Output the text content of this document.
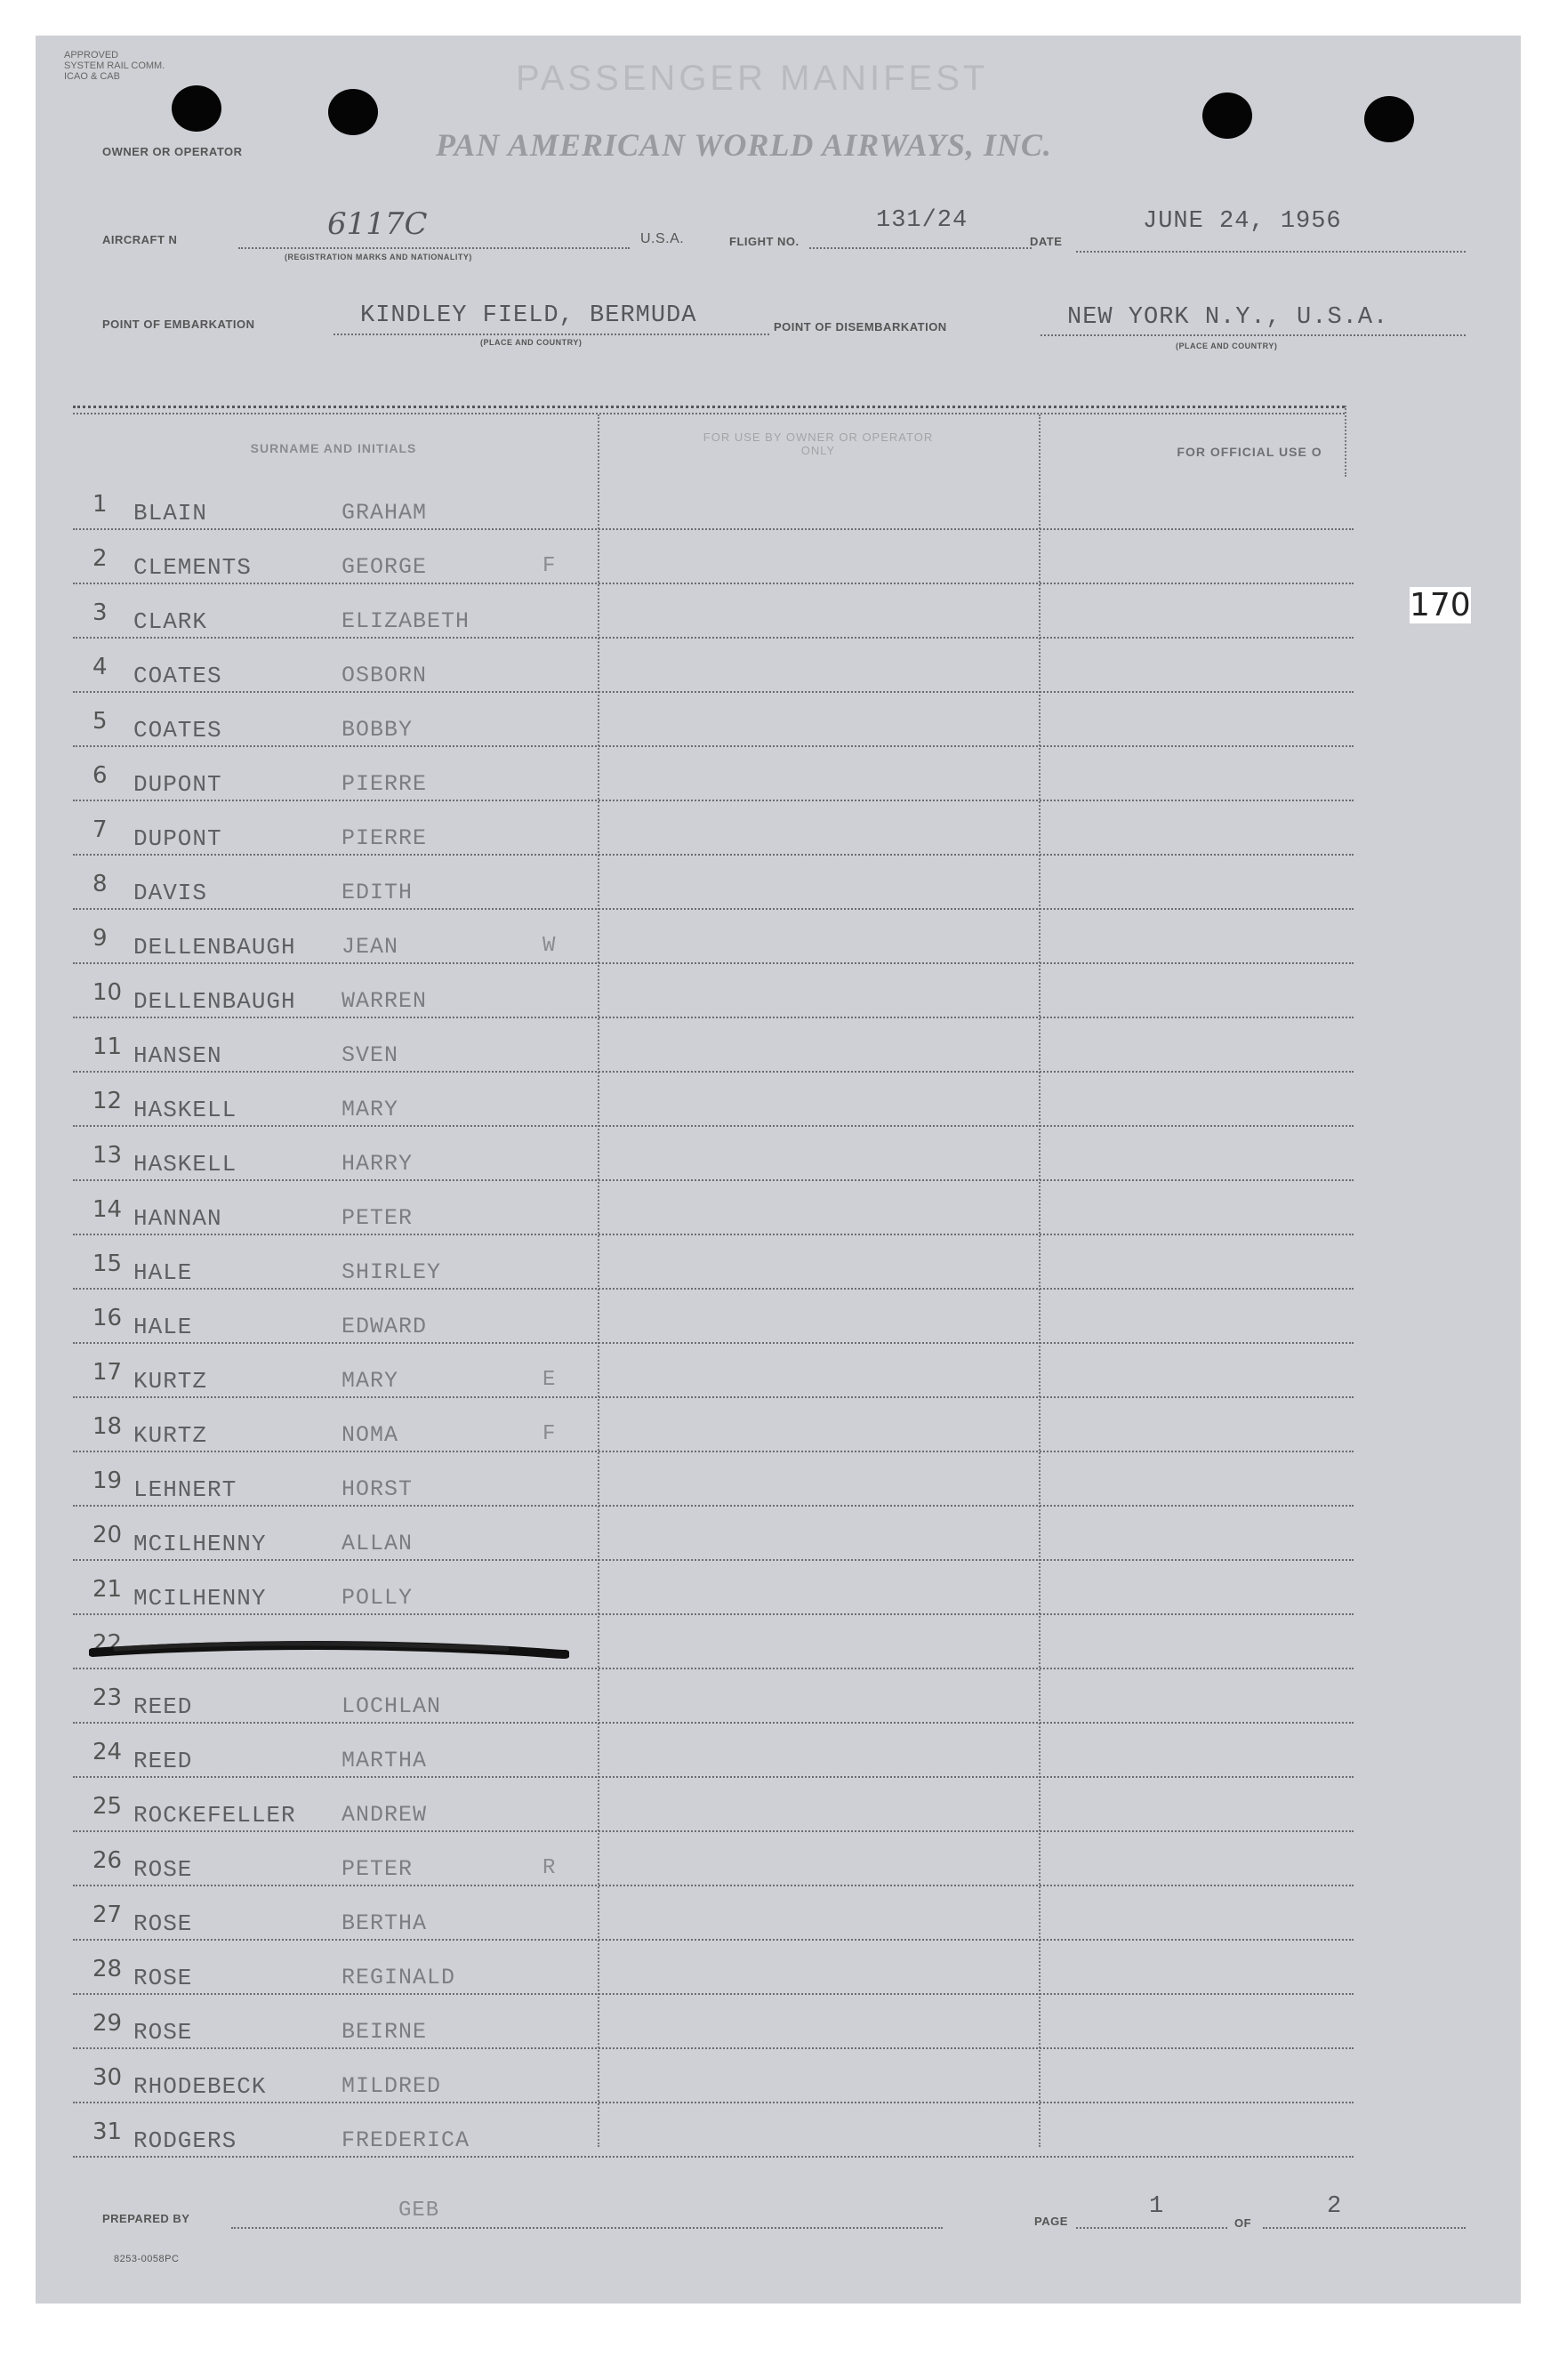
APPROVED
SYSTEM RAIL COMM.
ICAO & CAB	PASSENGER MANIFEST
OWNER OR OPERATOR	PAN AMERICAN WORLD AIRWAYS, INC.
AIRCRAFT N	6117C
(REGISTRATION MARKS AND NATIONALITY)
U.S.A.	FLIGHT NO.
131/24
DATE
JUNE 24, 1956
POINT OF EMBARKATION	KINDLEY FIELD, BERMUDA
(PLACE AND COUNTRY)
POINT OF DISEMBARKATION	NEW YORK N.Y., U.S.A.
(PLACE AND COUNTRY)
SURNAME AND INITIALS
FOR USE BY OWNER OR OPERATOR ONLY	FOR OFFICIAL USE O
1 BLAIN	GRAHAM
2 CLEMENTS	GEORGE	F
3 CLARK	ELIZABETH
4 COATES	OSBORN
5 COATES	BOBBY
6 DUPONT	PIERRE
7 DUPONT	PIERRE
8 DAVIS	EDITH
9 DELLENBAUGH JEAN	W
10 DELLENBAUGH WARREN
11 HANSEN	SVEN
12 HASKELL	MARY
13 HASKELL	HARRY
14 HANNAN	PETER
15 HALE	SHIRLEY
16 HALE	EDWARD
17 KURTZ	MARY	E
18 KURTZ	NOMA	F
19 LEHNERT	HORST
20 MCILHENNY	ALLAN
21 MCILHENNY	POLLY
22
23 REED	LOCHLAN
24 REED	MARTHA
25 ROCKEFELLER ANDREW
26 ROSE	PETER	R
27 ROSE	BERTHA
28 ROSE	REGINALD
29 ROSE	BEIRNE
30 RHODEBECK	MILDRED
31 RODGERS	FREDERICA
170
PREPARED BY	GEB	PAGE
1
OF
2
8253-0058PC
